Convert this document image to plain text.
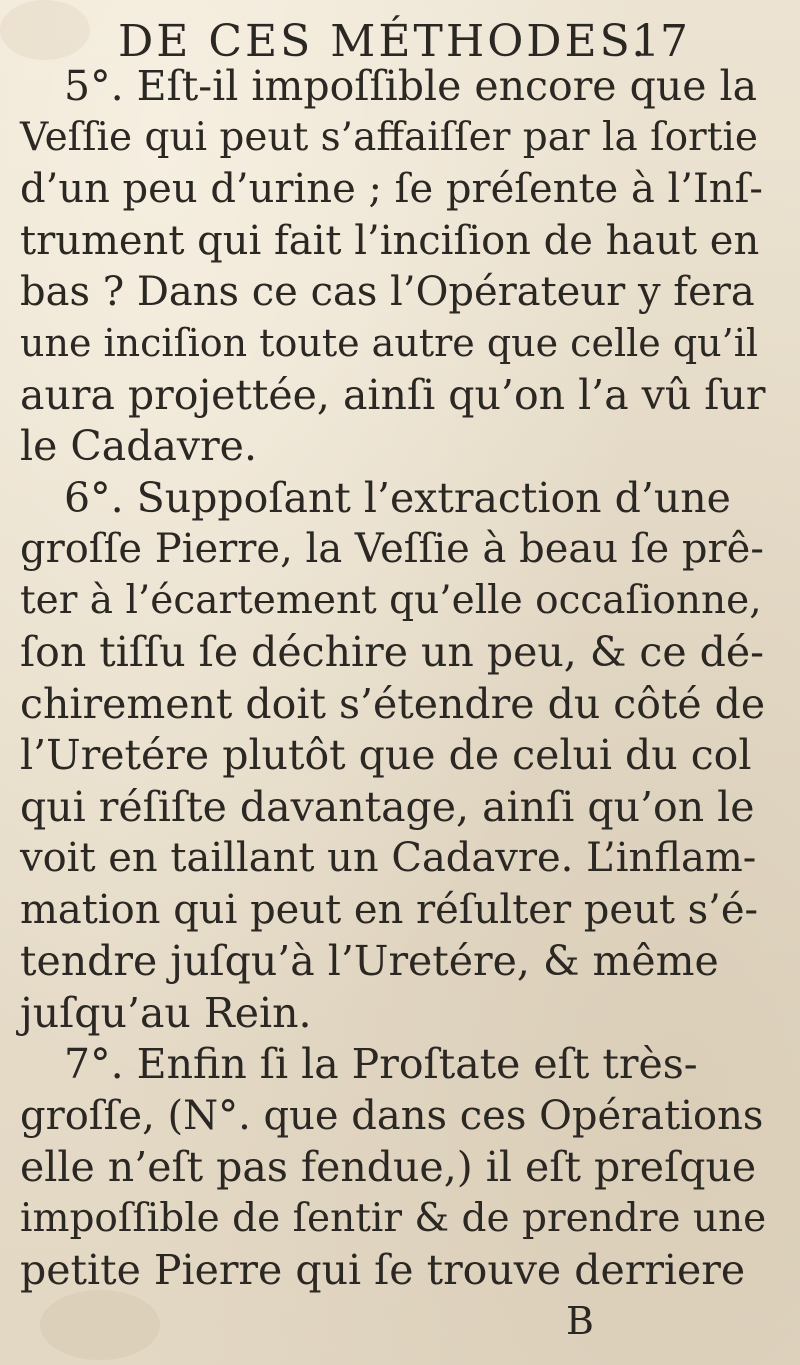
DE CES MÉTHODES.
17
5°. Eſt-il impoſſible encore que la
Veſſie qui peut s’affaiſſer par la ſortie
d’un peu d’urine ; ſe préſente à l’Inſ-
trument qui fait l’inciſion de haut en
bas ? Dans ce cas l’Opérateur y fera
une inciſion toute autre que celle qu’il
aura projettée, ainſi qu’on l’a vû ſur
le Cadavre.
6°. Suppoſant l’extraction d’une
groſſe Pierre, la Veſſie à beau ſe prê-
ter à l’écartement qu’elle occaſionne,
ſon tiſſu ſe déchire un peu, & ce dé-
chirement doit s’étendre du côté de
l’Uretére plutôt que de celui du col
qui réſiſte davantage, ainſi qu’on le
voit en taillant un Cadavre. L’inflam-
mation qui peut en réſulter peut s’é-
tendre juſqu’à l’Uretére, & même
juſqu’au Rein.
7°. Enfin ſi la Proſtate eſt très-
groſſe, (N°. que dans ces Opérations
elle n’eſt pas fendue,) il eſt preſque
impoſſible de ſentir & de prendre une
petite Pierre qui ſe trouve derriere
B
